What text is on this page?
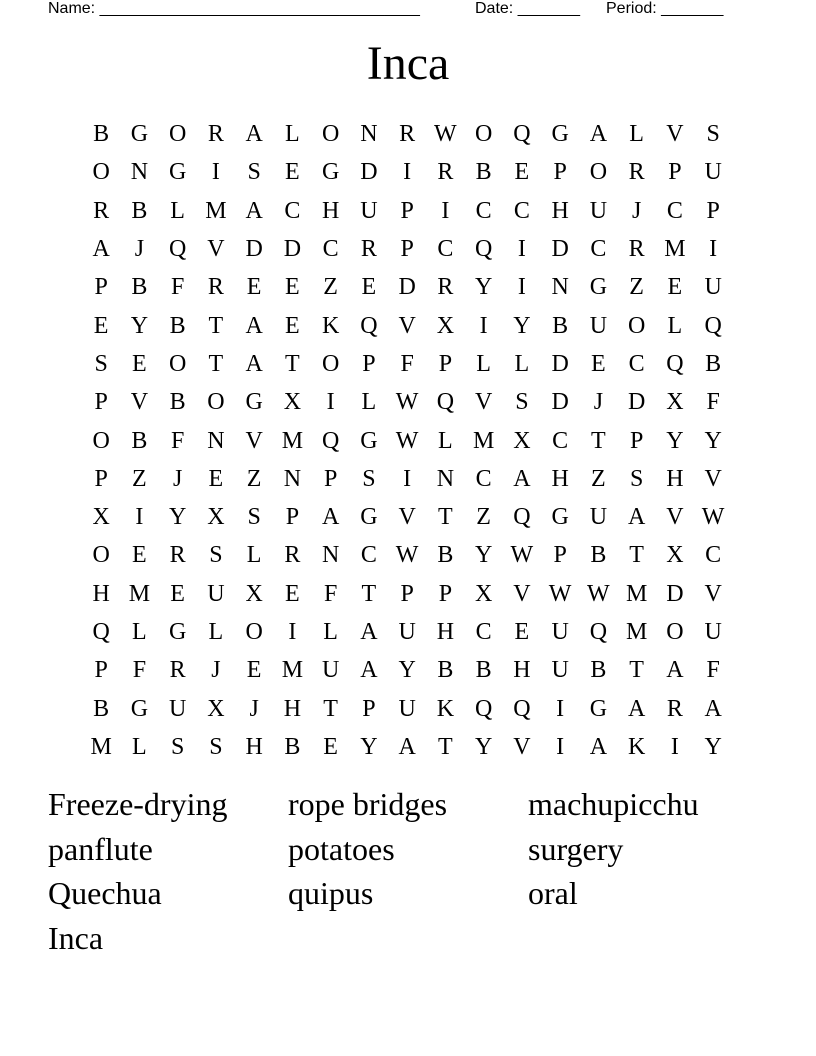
Name: ____________________________________	Date: _______ Period: _______
Inca
B G O R A L O N R W O Q G A L V S
O N G	I	S	E G D	I	R B E	P O R P U
R B L M A C H U P	I	C C H U	J	C P
A	J	Q V D D C R P C Q	I	D C R M I
P B F R E E Z E D R Y	I	N G Z E U
E Y B T A E K Q V X	I	Y B U O L Q
S	E O T A T O P	F	P	L L D E C Q B
P V B O G X	I	L W Q V S D	J	D X F
O B F N V M Q G W L M X C T	P Y Y
P	Z	J	E Z N P	S	I	N C A H Z	S H V
X	I	Y X S	P A G V T Z Q G U A V W
O E R S	L R N C W B Y W P B T X C
H M E U X E	F	T	P	P X V W W M D V
Q L G L O	I	L A U H C E U Q M O U
P	F R	J	E M U A Y B B H U B T A F
B G U X	J	H T	P U K Q Q	I	G A R A
M L	S	S H B E Y A T Y V	I	A K	I	Y
Freeze-drying	rope bridges	machupicchu
panflute	potatoes	surgery
Quechua	quipus	oral
Inca
